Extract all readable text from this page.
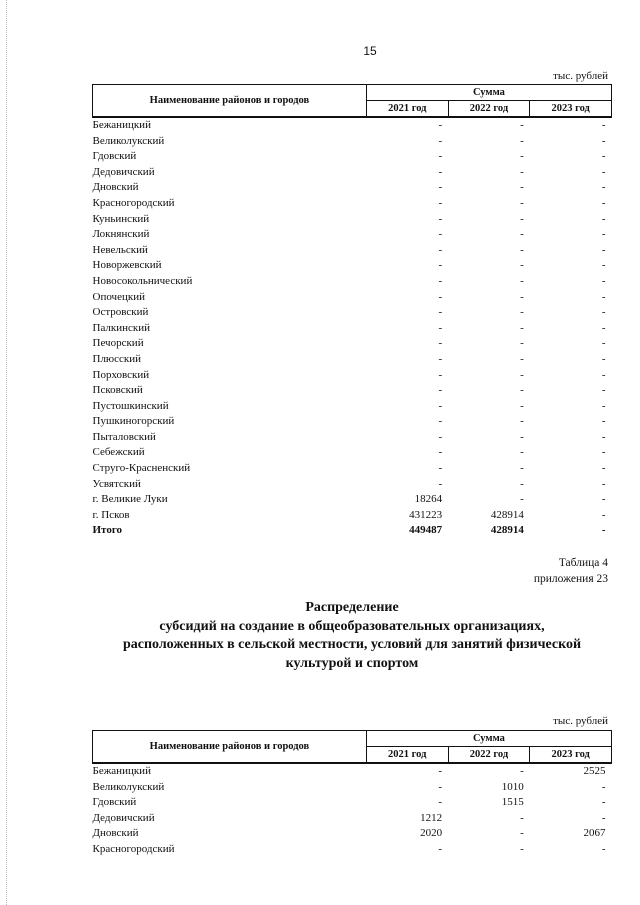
15
тыс. рублей
Наименование районов и городов	Сумма		
	2021 год	2022 год	2023 год
Бежаницкий	-	-	-
Великолукский	-	-	-
Гдовский	-	-	-
Дедовичский	-	-	-
Дновский	-	-	-
Красногородский	-	-	-
Куньинский	-	-	-
Локнянский	-	-	-
Невельский	-	-	-
Новоржевский	-	-	-
Новосокольнический	-	-	-
Опочецкий	-	-	-
Островский	-	-	-
Палкинский	-	-	-
Печорский	-	-	-
Плюсский	-	-	-
Порховский	-	-	-
Псковский	-	-	-
Пустошкинский	-	-	-
Пушкиногорский	-	-	-
Пыталовский	-	-	-
Себежский	-	-	-
Струго-Красненский	-	-	-
Усвятский	-	-	-
г. Великие Луки	18264	-	-
г. Псков	431223	428914	-
Итого	449487	428914	-
Таблица 4
приложения 23
Распределение
субсидий на создание в общеобразовательных организациях,
расположенных в сельской местности, условий для занятий физической
культурой и спортом
тыс. рублей
Наименование районов и городов	Сумма		
	2021 год	2022 год	2023 год
Бежаницкий	-	-	2525
Великолукский	-	1010	-
Гдовский	-	1515	-
Дедовичский	1212	-	-
Дновский	2020	-	2067
Красногородский	-	-	-
